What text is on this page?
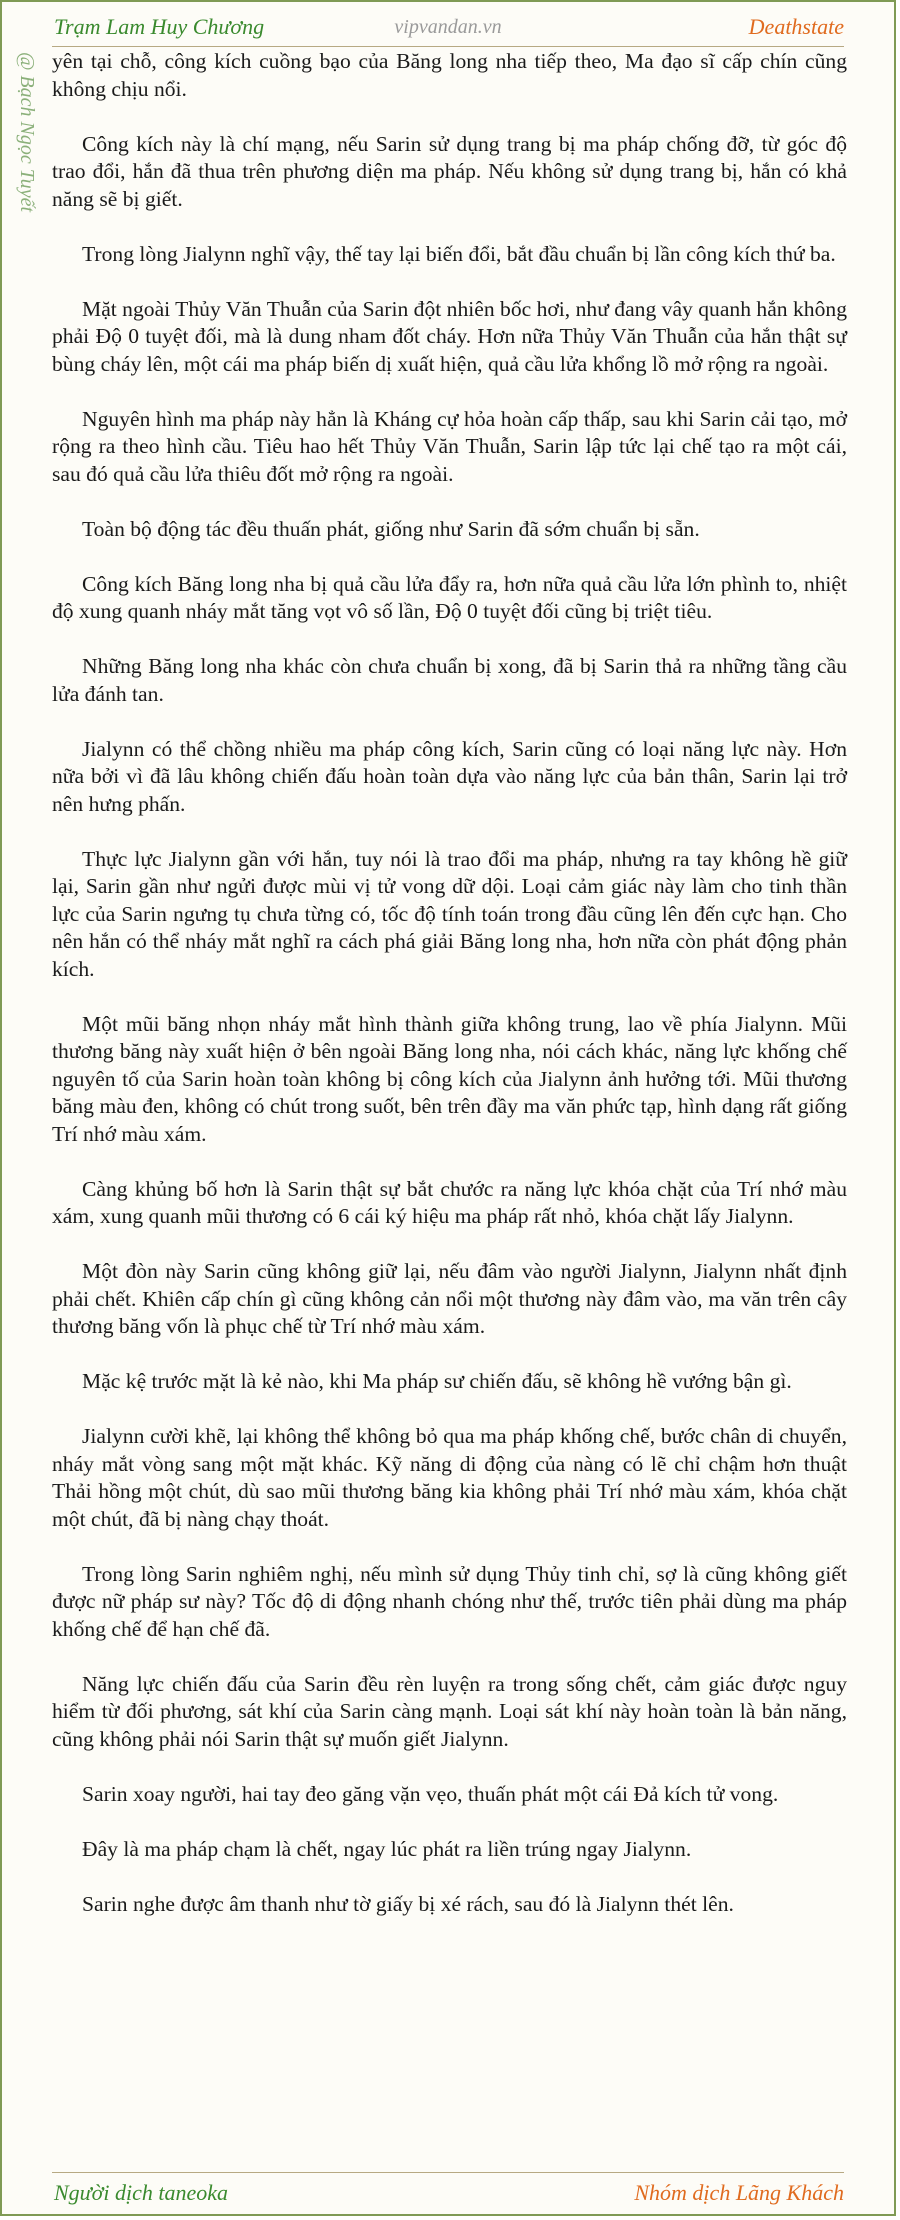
Trạm Lam Huy Chương	vipvandan.vn	Deathstate
@ Bạch Ngọc Tuyết yên tại chỗ, công kích cuồng bạo của Băng long nha tiếp theo, Ma đạo sĩ cấp chín cũng không chịu nổi.

Công kích này là chí mạng, nếu Sarin sử dụng trang bị ma pháp chống đỡ, từ góc độ trao đổi, hắn đã thua trên phương diện ma pháp. Nếu không sử dụng trang bị, hắn có khả năng sẽ bị giết.

Trong lòng Jialynn nghĩ vậy, thế tay lại biến đổi, bắt đầu chuẩn bị lần công kích thứ ba.

Mặt ngoài Thủy Văn Thuẫn của Sarin đột nhiên bốc hơi, như đang vây quanh hắn không phải Độ 0 tuyệt đối, mà là dung nham đốt cháy. Hơn nữa Thủy Văn Thuẫn của hắn thật sự bùng cháy lên, một cái ma pháp biến dị xuất hiện, quả cầu lửa khổng lồ mở rộng ra ngoài.

Nguyên hình ma pháp này hẳn là Kháng cự hỏa hoàn cấp thấp, sau khi Sarin cải tạo, mở rộng ra theo hình cầu. Tiêu hao hết Thủy Văn Thuẫn, Sarin lập tức lại chế tạo ra một cái, sau đó quả cầu lửa thiêu đốt mở rộng ra ngoài.

Toàn bộ động tác đều thuấn phát, giống như Sarin đã sớm chuẩn bị sẵn.

Công kích Băng long nha bị quả cầu lửa đẩy ra, hơn nữa quả cầu lửa lớn phình to, nhiệt độ xung quanh nháy mắt tăng vọt vô số lần, Độ 0 tuyệt đối cũng bị triệt tiêu.

Những Băng long nha khác còn chưa chuẩn bị xong, đã bị Sarin thả ra những tầng cầu lửa đánh tan.

Jialynn có thể chồng nhiều ma pháp công kích, Sarin cũng có loại năng lực này. Hơn nữa bởi vì đã lâu không chiến đấu hoàn toàn dựa vào năng lực của bản thân, Sarin lại trở nên hưng phấn.

Thực lực Jialynn gần với hắn, tuy nói là trao đổi ma pháp, nhưng ra tay không hề giữ lại, Sarin gần như ngửi được mùi vị tử vong dữ dội. Loại cảm giác này làm cho tinh thần lực của Sarin ngưng tụ chưa từng có, tốc độ tính toán trong đầu cũng lên đến cực hạn. Cho nên hắn có thể nháy mắt nghĩ ra cách phá giải Băng long nha, hơn nữa còn phát động phản kích.

Một mũi băng nhọn nháy mắt hình thành giữa không trung, lao về phía Jialynn. Mũi thương băng này xuất hiện ở bên ngoài Băng long nha, nói cách khác, năng lực khống chế nguyên tố của Sarin hoàn toàn không bị công kích của Jialynn ảnh hưởng tới. Mũi thương băng màu đen, không có chút trong suốt, bên trên đầy ma văn phức tạp, hình dạng rất giống Trí nhớ màu xám.

Càng khủng bố hơn là Sarin thật sự bắt chước ra năng lực khóa chặt của Trí nhớ màu xám, xung quanh mũi thương có 6 cái ký hiệu ma pháp rất nhỏ, khóa chặt lấy Jialynn.

Một đòn này Sarin cũng không giữ lại, nếu đâm vào người Jialynn, Jialynn nhất định phải chết. Khiên cấp chín gì cũng không cản nổi một thương này đâm vào, ma văn trên cây thương băng vốn là phục chế từ Trí nhớ màu xám.

Mặc kệ trước mặt là kẻ nào, khi Ma pháp sư chiến đấu, sẽ không hề vướng bận gì.

Jialynn cười khẽ, lại không thể không bỏ qua ma pháp khống chế, bước chân di chuyển, nháy mắt vòng sang một mặt khác. Kỹ năng di động của nàng có lẽ chỉ chậm hơn thuật Thải hồng một chút, dù sao mũi thương băng kia không phải Trí nhớ màu xám, khóa chặt một chút, đã bị nàng chạy thoát.

Trong lòng Sarin nghiêm nghị, nếu mình sử dụng Thủy tinh chỉ, sợ là cũng không giết được nữ pháp sư này? Tốc độ di động nhanh chóng như thế, trước tiên phải dùng ma pháp khống chế để hạn chế đã.

Năng lực chiến đấu của Sarin đều rèn luyện ra trong sống chết, cảm giác được nguy hiểm từ đối phương, sát khí của Sarin càng mạnh. Loại sát khí này hoàn toàn là bản năng, cũng không phải nói Sarin thật sự muốn giết Jialynn.

Sarin xoay người, hai tay đeo găng vặn vẹo, thuấn phát một cái Đả kích tử vong.

Đây là ma pháp chạm là chết, ngay lúc phát ra liền trúng ngay Jialynn.

Sarin nghe được âm thanh như tờ giấy bị xé rách, sau đó là Jialynn thét lên.

Người dịch taneoka	Nhóm dịch Lãng Khách
